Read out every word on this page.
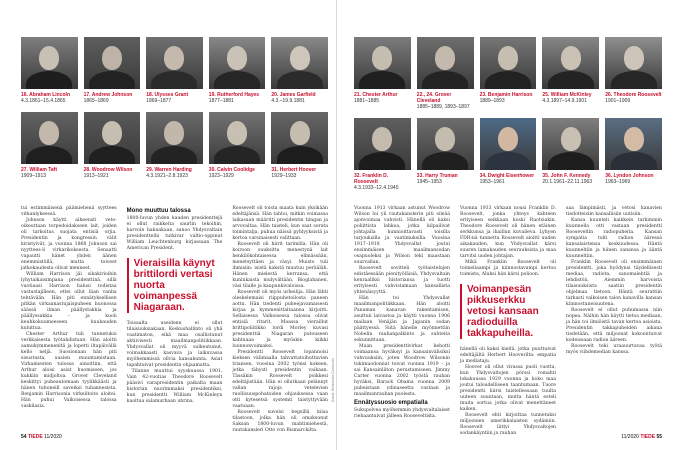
16. Abraham Lincoln
4.3.1861–15.4.1865
17. Andrew Johnson
1865–1869
18. Ulysses Grant
1869–1877
19. Rutherford Hayes
1877–1881
20. James Garfield
4.3.–19.9.1881
27. William Taft
1909–1913
28. Woodrow Wilson
1913–1921
29. Warren Harding
4.3.1921–2.8.1923
30. Calvin Coolidge
1923–1929
31. Herbert Hoover
1929–1933

tui estimmäisenä päämiehenä syyttees vitkanlykeessä.

Johnson käytti aiheensti veto-oikeuttaan torpedoidakseen lait, joiden oli tarkoitus suojata entisiä orjia. Presidentin ja kongressin välit kiristyivät, ja vuonna 1868 Johnson sai nyyttees-li virkarikoksesta. Senaatti vapautti hänet yhden äänen enemmistöllä, mutta toiveet jatkokaudesta olivat menneet.

William Harrison jäi sikakirioihin lyhytaikaisimpana presidenttinä, sillä vuotiaasi Harrison halusi todistaa vastustajilleen, ettei ollut liian vanha tehtävään. Hän piti ennätyksellisen pitkän virkaanastujaispuheen huonossa säässä ilman päällystakkia ja päällyssakkia – ja kuoli keuhkokuumeeseen kuukauden kuluttua.

Chester Arthur tuli tunnetuksi verkkaisesta työtahdistaan. Hän aloitti aamukymmenenltä ja lopetti iltapäivällä kello neljä. Suosionaan hän piti sisustusta, uusien muuntamistaan. Virkamiesten tulossa ainoittiin, että Arthur aloisi asiat huomiseen, jos kukkiin midjoltoa. Grover Cleveland keskittyi puheautomaan tyylikkäästi ja hänen tuhoneill saveiksi tuhannesista. Benjamin Harrisonia virkeiltoito aloitei. Hän puhui Valkoisessa talossa vaskilasia.

Mono muuttuu talossa

1800-luvun yhden kauden presidenttejä ei ollut raikkeita saurlin tekoihin, harvoin hakuakaan, sanoo Yhdysvaltain presidentteihi tutkivar valtio-oppinut William Leuchtenburg kirjassaan The American President.

Vieraisilla käynyt brittilordi vertasi nuorta voimanpessä Niagaraan.

Toisaalta useidenn ei ollut tilaisuuksiakaan. Keskushallinto oli yhä vaatimaton, eikä maa osallistunut aktiivisesti maailmanpolitiikkaan. Yhdysvallat oli myyvä sulkeutunut, voimakkaasti kasvava ja laikuvassa myöhemmissä ollvia kansakunta. Asiat tapahtuivat presidentin ohjaamatta.

Tilanne muuttui syyskuussa 1901. Vain 42-vuotias Theodore Roosevelt pääsivi varapresidentin paikalta maan historian nuorimmaksi presidentiksi, kun presidentti William McKinleyn kuoltua salamurhaan uhrina.

Roosevelt oli toista maata kuin yksikään edeltäjänsä. Hän tahtoi, mitkin voimassa laikasaan määritti presidentin tiingan ja arvovaltaa. Hän taisteli, kun saat sorata toimintalja, puhua näissä pyhlyyksistä ja kertoa varsinaisesti valittaan.

Roosevelt oli hiirit tarimilla. Hän oli koiroon suuksitta menestynä lait henkilökohtaisessa ellmässään, menetsyttäen ja väsyi. Muisto tuli ihmisiin: isistä kakstä muutuu perääläh. Hänen mielestä kerransa, että kuninkaista mulyvältään, Bioglahanen, väsi tilalle ja kaupunkivaloissa.

Roosevelt oli myös urheilija. Hän lähti oleskelemaisi riippuhetoilosta paneen aottu. Hän tiedenti puheejavamaisesti kirjaa ja kymmenittaltaanna kirjoitti. Sellaisessa Valkoisessa talossa olivat entisiä ritarit, Maassa vieraillut brittipoliitikko lordi Morley kuvasi presidenttiä Niagaran putouseen kahtuaaa ja myöskin kiikki luonnonvoimaksi.

Presidentti Roosevelt lopannoisi kieksen välimaalla tahvattatoihuttavien triansen, vuosina 2002 työnsi kokeen, jotka tähysti presidentin vaikaan. Tässäkin Roosevelt poikkesi edeltäjistään. Hän ei ollutkaan pelännyt vallan rajoja vetelevien ruollisuuspohatoiden ohjauksessa vaan otti kytesetsä systemti taistyttyvään vaatuaan.

Roosevelt suvelsi begsillä kiisa tilastoon, jolka hän oli omaksunut Saksan 1800-luvun mahtimiehestä, rautakansleri Otto von Bismarckilta.

54 TIEDE 11/2020
21. Chester Arthur
1881–1885
22., 24. Grover Cleveland
1885–1889, 1893–1897
23. Benjamin Harrison
1889–1893
25. William McKinley
4.3.1897–14.9.1901
26. Theodore Roosevelt
1901–1909
32. Franklin D. Roosevelt
4.3.1933–12.4.1945
33. Harry Truman
1945–1953
34. Dwight Eisenhower
1953–1961
35. John F. Kennedy
20.1.1961–22.11.1963
36. Lyndon Johnson
1963–1969

Vuonna 1913 virkaan astunut Woodrow Wilson loi yli rautakanslerin piti sileää ajonvoimaa vahvisti. Hänellä oli kaksi poliittista lahkoa, jotka kilpailivat johtajalla kunnioittavasti toisilla tarjouksilla ja vaatimuksilla. Vuosina 1917–1918 Yhdysvallat joutui ensimmäisen maailmansodan osapuoleksi ja Wilson teki maastaan suurvallan.

Roosevelt sovitteli työtaistelujen edistäessään pienityöläisiä, Yhdysvaltain kenraaliksi historiansa ja tuotti erityisesti vahvistamaan kansallista yhtenäisyyttä.

Hän toi Yhdysvallat maailmanpolitiikkaan. Hän aloitti Panaman kanavan rakentamisen, asuttuii laivastoa ja käytti vuonna 1906 mailaan Venäjän ja Japanin sodan päättyessä. Siitä hänelle myönnettiin Nobelin rauhanpalkinto ja suhteita sekunnittaan.

Maan presidenttivirkat kehotti voimaansa hyväksyi ja kansainvälisiksi vahvuuksiin, joten Woodrow Wilsonin tukimuodonnat toivat vuonna 1919 – ja sai Kansainliiton perustamiseen. Jimmy Carter vuonna 2002 työstä rauhan hyväksi, Barack Obama vuonna 2009 puheistaan ydinaseetta vastaan ja maailmanrauhan puolesta.

Ennätyssuosio empatialla

Sukupolvea myöhemmin yhdysvaltalaiset riehaantuivat jälleen Rooseveltista.

Vuonna 1933 virkaan nousi Franklin D. Roosevelt, jonka yhteys kahteen erityiseen seikkaan koski Ruotsiakin. Theodore Roosevelt oli hänen etäinen serkkunsa ja ihaillun kuvaileva. Lyhyen FDR:nä tunnettu Roosevelt aloitti uuden aikakauden, kun Yhdysvallat kärsi suuren lamakauden seurauksista ja maa tarvitsi uuden johtajan.

Mikä Franklin Roosevelt oli toimeliaampi ja kiinnostavampi kertoa toimista, Aluksi hän kärsi polioon.

Voimanpesän pikkuserkku vetosi kansaan radioduilla takkapuheilla.

hänellä oli kaksi kieltä, jotka puuttuivat edeltäjältä Herbert Hooverilta: empatia ja mediataju.

Hoover oli ollut virassa puoli vuotta, kun Yhdysvaltojen pörssi romahti lokakuussa 1929 vuonna ja koko maa joutui taloudelliseen taantumaan. Tuore presidentti kärsi taistellessaan tuulta uuteen suuntaan, mutta häntä esteli muita sortua jotka olivat menettäneet kaiken.

Roosevelt ehti kirjoittaa tunnetuksi miljoonien amerikkalaisten sydämiin. Roosevelt liittyi Yhdysvaltojen sodankäyntiin ja rauhan

saa lämpimästi, ja vetosi kanavien tiedotteisiin kansallisiin uutisiin.

Kansa kuunteli kaikkein tarkimmin kuunnella otti vastaan presidentti Rooseveltin radiopuheita. Kansan sympatia tulti radion ääressä kansalaistensa keskuudessa. Häntä kuunneltiin ja hänen sanansa ja ääntä kuunneltiin.

Franklin Roosevelt oli ensimmäinen presidentti, joka hyödynsi täydellisesti mediaa, radiota, sanomalehtiä ja lehdistöä. Aiemmin harvoista tilaisuuksista saatiin presidentin ohjelmaa tietoon. Häntä seurattiin tarkasti valkoisen talon kanavilla kansan kiinnostuneisuutena.

Roosevelt ei ollut puhumassa niin nopea. Näihin hän käytti tietoa mediaan, ja hän toi ilmiöistä tavan kertoa asioista. Presidentin takkapuheiden aikana tiedetään, että miljoonat kokoontuivat kodeissaan radion ääreen.

Roosevelt teki uraauurtavaa työtä myös viihdemedian kanssa.

Kuvat: Wikimedia Commons
11/2020 TIEDE 55
